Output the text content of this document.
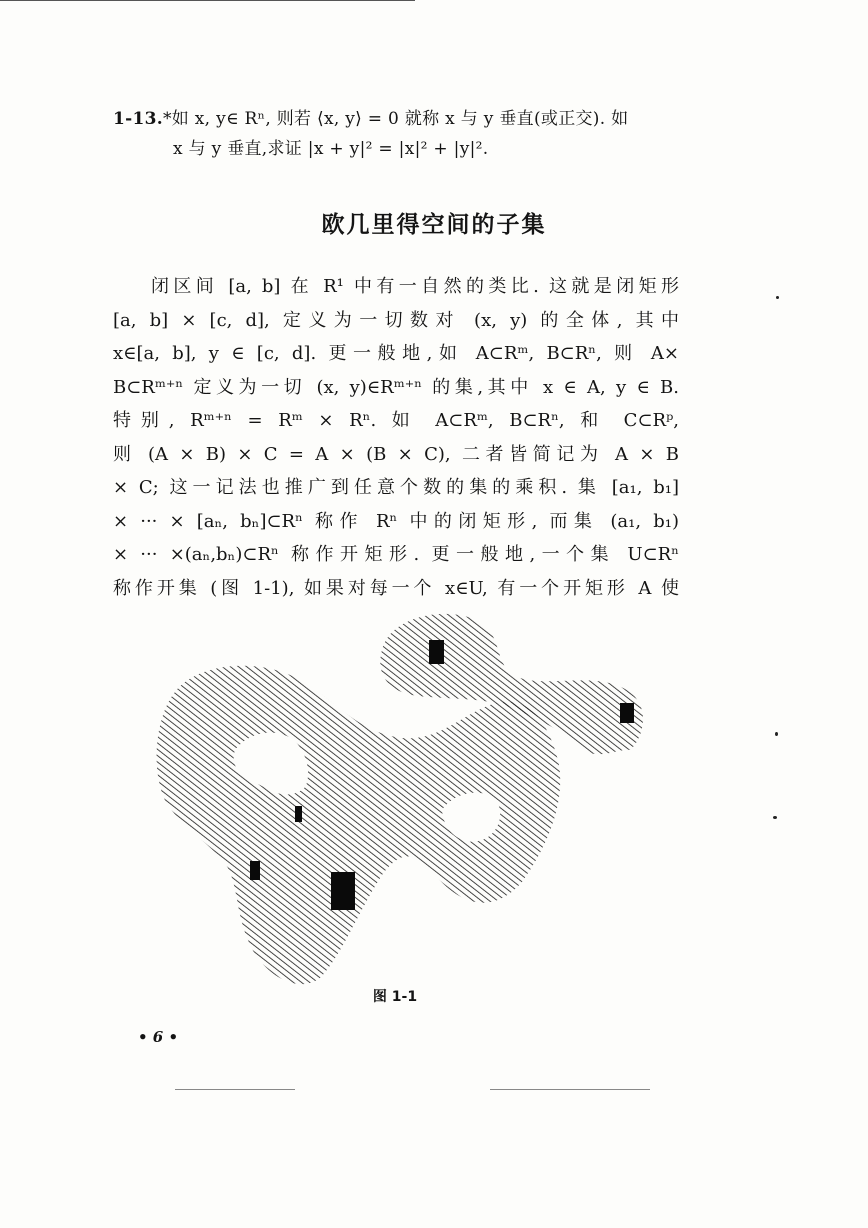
1-13.*如 x, y∈ Rⁿ, 则若 ⟨x, y⟩ = 0 就称 x 与 y 垂直(或正交). 如
x 与 y 垂直,求证 |x + y|² = |x|² + |y|².
欧几里得空间的子集
闭区间 [a, b] 在 R¹ 中有一自然的类比. 这就是闭矩形
[a, b] × [c, d], 定义为一切数对 (x, y) 的全体, 其中
x∈[a, b], y ∈ [c, d]. 更一般地,如 A⊂Rᵐ, B⊂Rⁿ, 则 A×
B⊂Rᵐ⁺ⁿ 定义为一切 (x, y)∈Rᵐ⁺ⁿ 的集,其中 x ∈ A, y ∈ B.
特别, Rᵐ⁺ⁿ = Rᵐ × Rⁿ. 如 A⊂Rᵐ, B⊂Rⁿ, 和 C⊂Rᵖ,
则 (A × B) × C = A × (B × C), 二者皆简记为 A × B
× C; 这一记法也推广到任意个数的集的乘积. 集 [a₁, b₁]
× ··· × [aₙ, bₙ]⊂Rⁿ 称作 Rⁿ 中的闭矩形, 而集 (a₁, b₁)
× ··· ×(aₙ,bₙ)⊂Rⁿ 称作开矩形. 更一般地,一个集 U⊂Rⁿ
称作开集 (图 1-1), 如果对每一个 x∈U, 有一个开矩形 A 使
图 1-1
• 6 •
